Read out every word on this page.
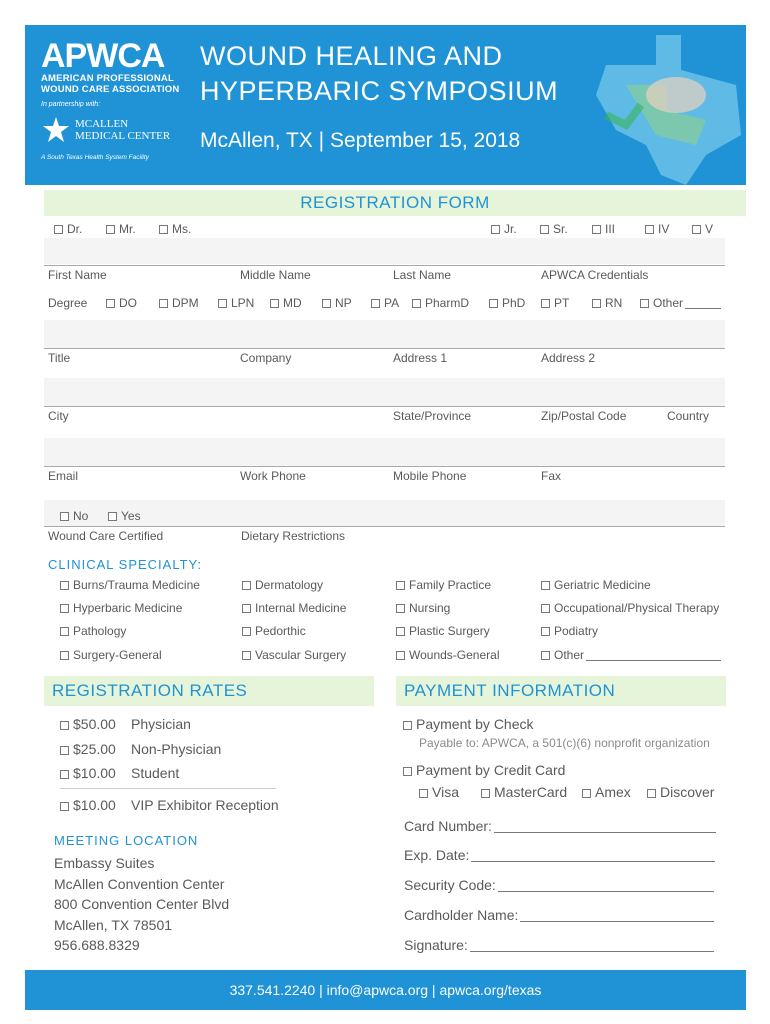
APWCA
AMERICAN PROFESSIONAL
WOUND CARE ASSOCIATION
In partnership with:
MCALLEN
MEDICAL CENTER
A South Texas Health System Facility
WOUND HEALING AND
HYPERBARIC SYMPOSIUM
McAllen, TX | September 15, 2018
REGISTRATION FORM
Dr.	Mr.	Ms.	Jr.	Sr.	III	IV	V
First Name	Middle Name	Last Name	APWCA Credentials
Degree	DO	DPM	LPN	MD	NP	PA	PharmD	PhD	PT	RN	Other
Title	Company	Address 1	Address 2
City	State/Province	Zip/Postal Code	Country
Email	Work Phone	Mobile Phone	Fax
No	Yes
Wound Care Certified	Dietary Restrictions
CLINICAL SPECIALTY:
Burns/Trauma Medicine	Dermatology	Family Practice	Geriatric Medicine
Hyperbaric Medicine	Internal Medicine	Nursing	Occupational/Physical Therapy
Pathology	Pedorthic	Plastic Surgery	Podiatry
Surgery-General	Vascular Surgery	Wounds-General	Other
REGISTRATION RATES
$50.00 Physician
$25.00 Non-Physician
$10.00 Student
$10.00 VIP Exhibitor Reception
MEETING LOCATION
Embassy Suites
McAllen Convention Center
800 Convention Center Blvd
McAllen, TX 78501
956.688.8329
PAYMENT INFORMATION
Payment by Check
Payable to: APWCA, a 501(c)(6) nonprofit organization
Payment by Credit Card
Visa	MasterCard	Amex	Discover
Card Number:
Exp. Date:
Security Code:
Cardholder Name:
Signature:
337.541.2240 | info@apwca.org | apwca.org/texas
